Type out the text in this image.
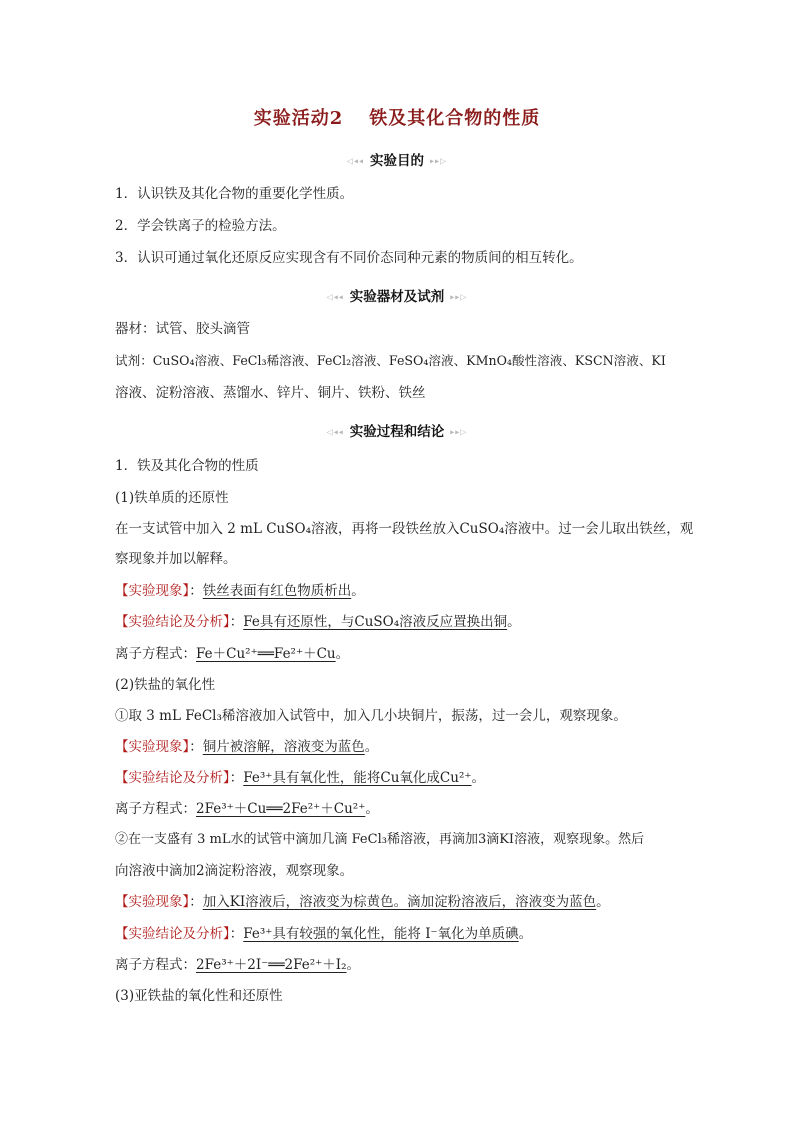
实验活动2 铁及其化合物的性质
◁◂◂ 实验目的 ▸▸▷
1．认识铁及其化合物的重要化学性质。
2．学会铁离子的检验方法。
3．认识可通过氧化还原反应实现含有不同价态同种元素的物质间的相互转化。
◁◂◂ 实验器材及试剂 ▸▸▷
器材：试管、胶头滴管
试剂：CuSO₄溶液、FeCl₃稀溶液、FeCl₂溶液、FeSO₄溶液、KMnO₄酸性溶液、KSCN溶液、KI
溶液、淀粉溶液、蒸馏水、锌片、铜片、铁粉、铁丝
◁◂◂ 实验过程和结论 ▸▸▷
1．铁及其化合物的性质
(1)铁单质的还原性
在一支试管中加入 2 mL CuSO₄溶液，再将一段铁丝放入CuSO₄溶液中。过一会儿取出铁丝，观
察现象并加以解释。
【实验现象】：铁丝表面有红色物质析出。
【实验结论及分析】：Fe具有还原性，与CuSO₄溶液反应置换出铜。
离子方程式：Fe＋Cu²⁺══Fe²⁺＋Cu。
(2)铁盐的氧化性
①取 3 mL FeCl₃稀溶液加入试管中，加入几小块铜片，振荡，过一会儿，观察现象。
【实验现象】：铜片被溶解，溶液变为蓝色。
【实验结论及分析】：Fe³⁺具有氧化性，能将Cu氧化成Cu²⁺。
离子方程式：2Fe³⁺＋Cu══2Fe²⁺＋Cu²⁺。
②在一支盛有 3 mL水的试管中滴加几滴 FeCl₃稀溶液，再滴加3滴KI溶液，观察现象。然后
向溶液中滴加2滴淀粉溶液，观察现象。
【实验现象】：加入KI溶液后，溶液变为棕黄色。滴加淀粉溶液后，溶液变为蓝色。
【实验结论及分析】：Fe³⁺具有较强的氧化性，能将 I⁻氧化为单质碘。
离子方程式：2Fe³⁺＋2I⁻══2Fe²⁺＋I₂。
(3)亚铁盐的氧化性和还原性
